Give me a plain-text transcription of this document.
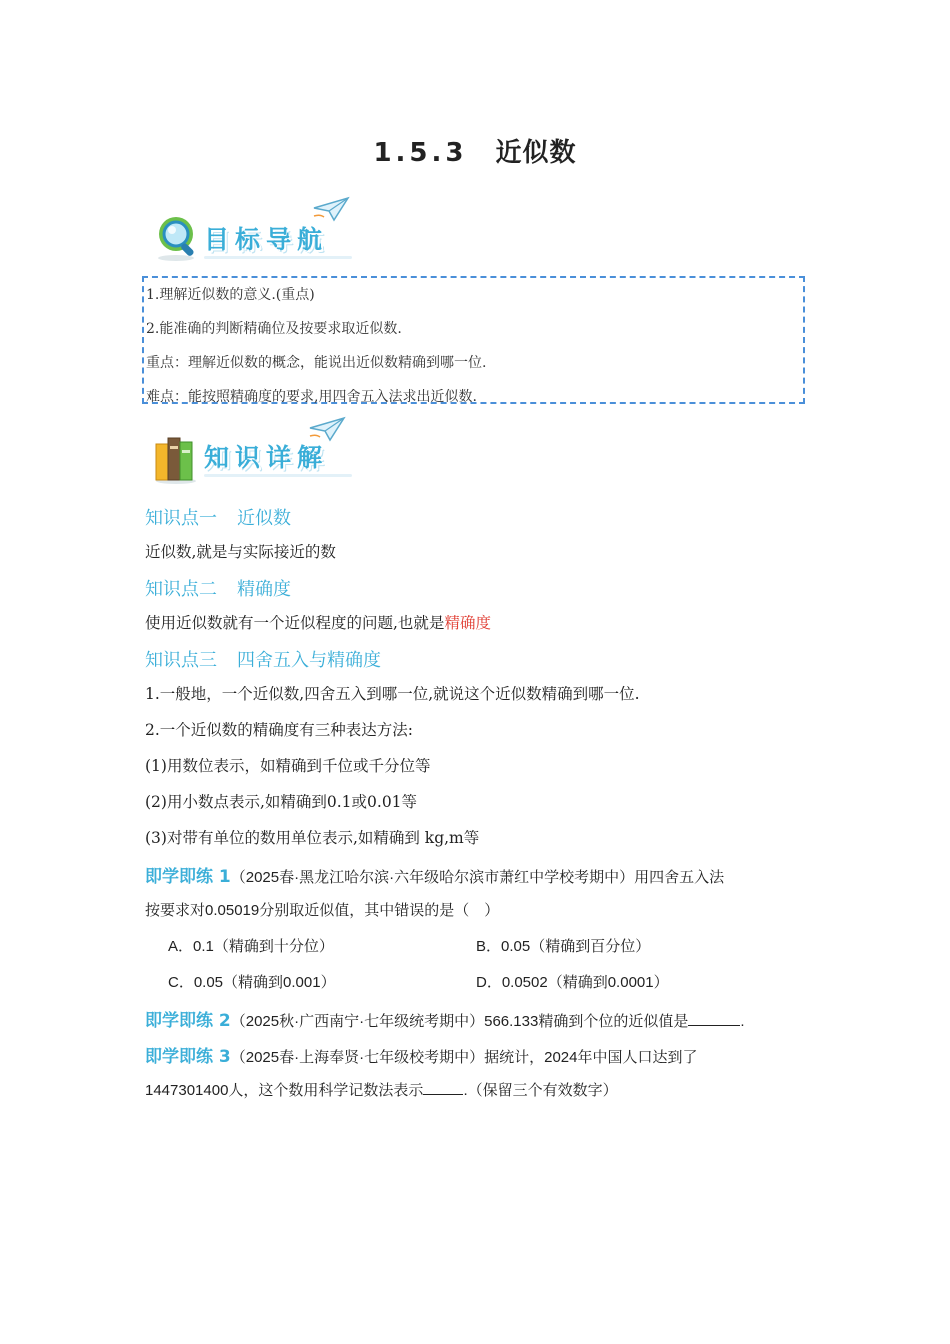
1.5.3 近似数
目标导航
1.理解近似数的意义.(重点)
2.能准确的判断精确位及按要求取近似数.
重点：理解近似数的概念，能说出近似数精确到哪一位.
难点：能按照精确度的要求,用四舍五入法求出近似数.
知识详解
知识点一 近似数
近似数,就是与实际接近的数
知识点二 精确度
使用近似数就有一个近似程度的问题,也就是精确度
知识点三 四舍五入与精确度
1.一般地，一个近似数,四舍五入到哪一位,就说这个近似数精确到哪一位.
2.一个近似数的精确度有三种表达方法:
(1)用数位表示，如精确到千位或千分位等
(2)用小数点表示,如精确到0.1或0.01等
(3)对带有单位的数用单位表示,如精确到 kg,m等
即学即练 1（2025春·黑龙江哈尔滨·六年级哈尔滨市萧红中学校考期中）用四舍五入法
按要求对0.05019分别取近似值，其中错误的是（　）
A．0.1（精确到十分位）	B．0.05（精确到百分位）
C．0.05（精确到0.001）	D．0.0502（精确到0.0001）
即学即练 2（2025秋·广西南宁·七年级统考期中）566.133精确到个位的近似值是	.
即学即练 3（2025春·上海奉贤·七年级校考期中）据统计，2024年中国人口达到了
1447301400人，这个数用科学记数法表示	.（保留三个有效数字）
